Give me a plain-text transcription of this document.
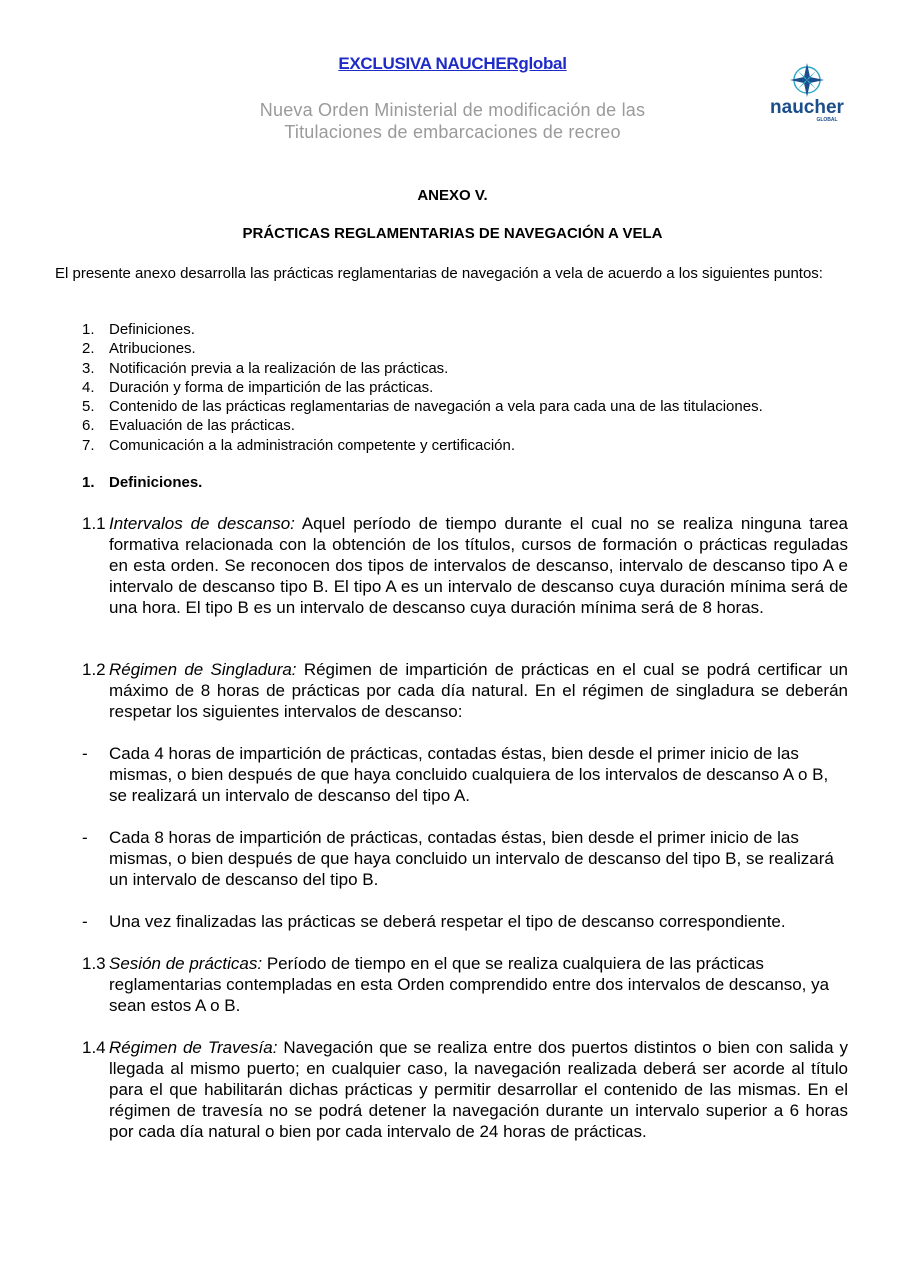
EXCLUSIVA NAUCHERglobal
Nueva Orden Ministerial de modificación de las
Titulaciones de embarcaciones de recreo
naucher
GLOBAL
ANEXO V.
PRÁCTICAS REGLAMENTARIAS DE NAVEGACIÓN A VELA
El presente anexo desarrolla las prácticas reglamentarias de navegación a vela de acuerdo a los siguientes puntos:
1. Definiciones.
2. Atribuciones.
3. Notificación previa a la realización de las prácticas.
4. Duración y forma de impartición de las prácticas.
5. Contenido de las prácticas reglamentarias de navegación a vela para cada una de las titulaciones.
6. Evaluación de las prácticas.
7. Comunicación a la administración competente y certificación.
1. Definiciones.
1.1 Intervalos de descanso: Aquel período de tiempo durante el cual no se realiza ninguna tarea formativa relacionada con la obtención de los títulos, cursos de formación o prácticas reguladas en esta orden. Se reconocen dos tipos de intervalos de descanso, intervalo de descanso tipo A e intervalo de descanso tipo B. El tipo A es un intervalo de descanso cuya duración mínima será de una hora. El tipo B es un intervalo de descanso cuya duración mínima será de 8 horas.
1.2 Régimen de Singladura: Régimen de impartición de prácticas en el cual se podrá certificar un máximo de 8 horas de prácticas por cada día natural. En el régimen de singladura se deberán respetar los siguientes intervalos de descanso:
- Cada 4 horas de impartición de prácticas, contadas éstas, bien desde el primer inicio de las mismas, o bien después de que haya concluido cualquiera de los intervalos de descanso A o B, se realizará un intervalo de descanso del tipo A.
- Cada 8 horas de impartición de prácticas, contadas éstas, bien desde el primer inicio de las mismas, o bien después de que haya concluido un intervalo de descanso del tipo B, se realizará un intervalo de descanso del tipo B.
- Una vez finalizadas las prácticas se deberá respetar el tipo de descanso correspondiente.
1.3 Sesión de prácticas: Período de tiempo en el que se realiza cualquiera de las prácticas reglamentarias contempladas en esta Orden comprendido entre dos intervalos de descanso, ya sean estos A o B.
1.4 Régimen de Travesía: Navegación que se realiza entre dos puertos distintos o bien con salida y llegada al mismo puerto; en cualquier caso, la navegación realizada deberá ser acorde al título para el que habilitarán dichas prácticas y permitir desarrollar el contenido de las mismas. En el régimen de travesía no se podrá detener la navegación durante un intervalo superior a 6 horas por cada día natural o bien por cada intervalo de 24 horas de prácticas.
